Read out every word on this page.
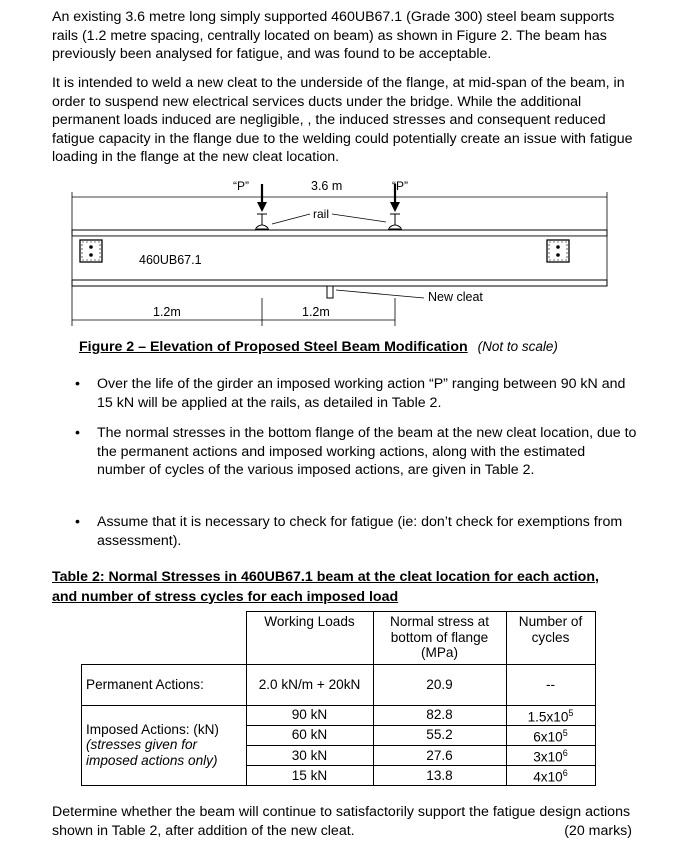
An existing 3.6 metre long simply supported 460UB67.1 (Grade 300) steel beam supports rails (1.2 metre spacing, centrally located on beam) as shown in Figure 2. The beam has previously been analysed for fatigue, and was found to be acceptable.

It is intended to weld a new cleat to the underside of the flange, at mid-span of the beam, in order to suspend new electrical services ducts under the bridge. While the additional permanent loads induced are negligible, , the induced stresses and consequent reduced fatigue capacity in the flange due to the welding could potentially create an issue with fatigue loading in the flange at the new cleat location.

“P”	3.6 m	“P”
rail
460UB67.1
New cleat
1.2m	1.2m
Figure 2 – Elevation of Proposed Steel Beam Modification (Not to scale)

• Over the life of the girder an imposed working action “P” ranging between 90 kN and 15 kN will be applied at the rails, as detailed in Table 2.

• The normal stresses in the bottom flange of the beam at the new cleat location, due to the permanent actions and imposed working actions, along with the estimated number of cycles of the various imposed actions, are given in Table 2.

• Assume that it is necessary to check for fatigue (ie: don’t check for exemptions from assessment).

Table 2: Normal Stresses in 460UB67.1 beam at the cleat location for each action, and number of stress cycles for each imposed load

	Working Loads	Normal stress at bottom of flange (MPa)	Number of cycles
Permanent Actions:	2.0 kN/m + 20kN	20.9	--
Imposed Actions: (kN)
(stresses given for imposed actions only)	90 kN	82.8	$1.5x10^5$
	60 kN	55.2	$6x10^5$
	30 kN	27.6	$3x10^6$
	15 kN	13.8	$4x10^6$
Determine whether the beam will continue to satisfactorily support the fatigue design actions shown in Table 2, after addition of the new cleat.	(20 marks)
